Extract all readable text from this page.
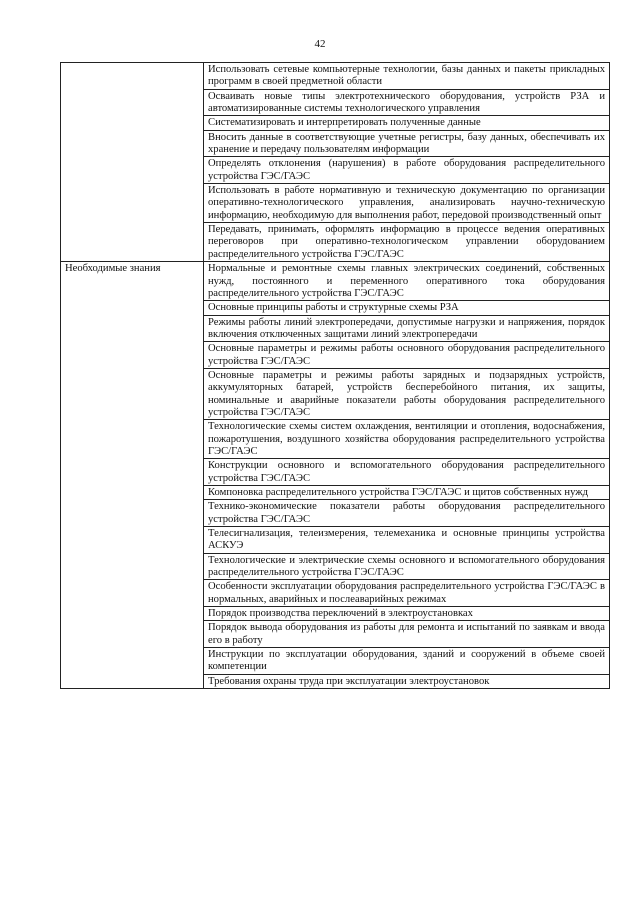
42
	Использовать сетевые компьютерные технологии, базы данных и пакеты прикладных программ в своей предметной области
	Осваивать новые типы электротехнического оборудования, устройств РЗА и автоматизированные системы технологического управления
	Систематизировать и интерпретировать полученные данные
	Вносить данные в соответствующие учетные регистры, базу данных, обеспечивать их хранение и передачу пользователям информации
	Определять отклонения (нарушения) в работе оборудования распределительного устройства ГЭС/ГАЭС
	Использовать в работе нормативную и техническую документацию по организации оперативно-технологического управления, анализировать научно-техническую информацию, необходимую для выполнения работ, передовой производственный опыт
	Передавать, принимать, оформлять информацию в процессе ведения оперативных переговоров при оперативно-технологическом управлении оборудованием распределительного устройства ГЭС/ГАЭС
Необходимые знания	Нормальные и ремонтные схемы главных электрических соединений, собственных нужд, постоянного и переменного оперативного тока оборудования распределительного устройства ГЭС/ГАЭС
	Основные принципы работы и структурные схемы РЗА
	Режимы работы линий электропередачи, допустимые нагрузки и напряжения, порядок включения отключенных защитами линий электропередачи
	Основные параметры и режимы работы основного оборудования распределительного устройства ГЭС/ГАЭС
	Основные параметры и режимы работы зарядных и подзарядных устройств, аккумуляторных батарей, устройств бесперебойного питания, их защиты, номинальные и аварийные показатели работы оборудования распределительного устройства ГЭС/ГАЭС
	Технологические схемы систем охлаждения, вентиляции и отопления, водоснабжения, пожаротушения, воздушного хозяйства оборудования распределительного устройства ГЭС/ГАЭС
	Конструкции основного и вспомогательного оборудования распределительного устройства ГЭС/ГАЭС
	Компоновка распределительного устройства ГЭС/ГАЭС и щитов собственных нужд
	Технико-экономические показатели работы оборудования распределительного устройства ГЭС/ГАЭС
	Телесигнализация, телеизмерения, телемеханика и основные принципы устройства АСКУЭ
	Технологические и электрические схемы основного и вспомогательного оборудования распределительного устройства ГЭС/ГАЭС
	Особенности эксплуатации оборудования распределительного устройства ГЭС/ГАЭС в нормальных, аварийных и послеаварийных режимах
	Порядок производства переключений в электроустановках
	Порядок вывода оборудования из работы для ремонта и испытаний по заявкам и ввода его в работу
	Инструкции по эксплуатации оборудования, зданий и сооружений в объеме своей компетенции
	Требования охраны труда при эксплуатации электроустановок
